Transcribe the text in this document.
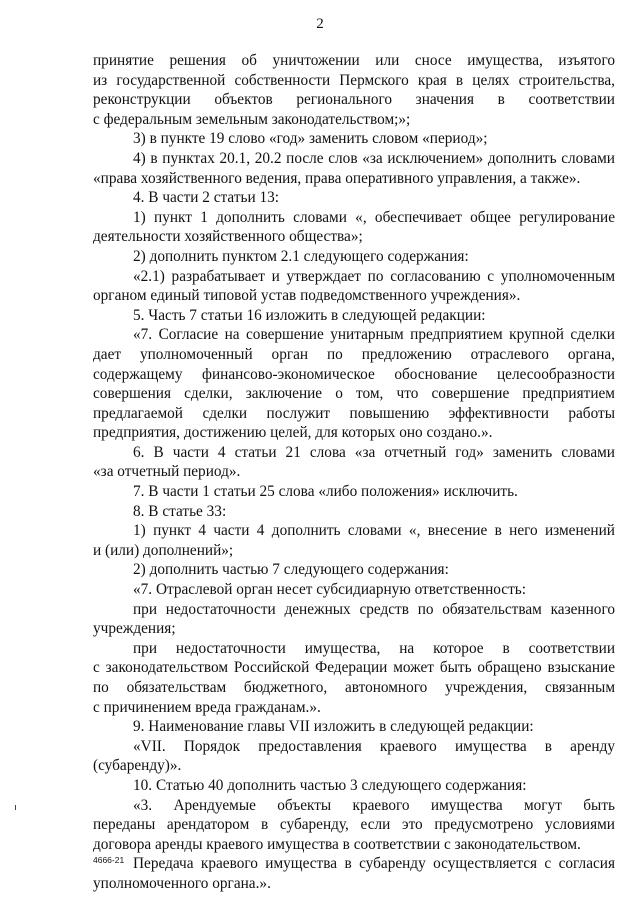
2
принятие решения об уничтожении или сносе имущества, изъятого
из государственной собственности Пермского края в целях строительства,
реконструкции объектов регионального значения в соответствии
с федеральным земельным законодательством;»;
3) в пункте 19 слово «год» заменить словом «период»;
4) в пунктах 20.1, 20.2 после слов «за исключением» дополнить словами
«права хозяйственного ведения, права оперативного управления, а также».
4. В части 2 статьи 13:
1) пункт 1 дополнить словами «, обеспечивает общее регулирование
деятельности хозяйственного общества»;
2) дополнить пунктом 2.1 следующего содержания:
«2.1) разрабатывает и утверждает по согласованию с уполномоченным
органом единый типовой устав подведомственного учреждения».
5. Часть 7 статьи 16 изложить в следующей редакции:
«7. Согласие на совершение унитарным предприятием крупной сделки
дает уполномоченный орган по предложению отраслевого органа,
содержащему финансово-экономическое обоснование целесообразности
совершения сделки, заключение о том, что совершение предприятием
предлагаемой сделки послужит повышению эффективности работы
предприятия, достижению целей, для которых оно создано.».
6. В части 4 статьи 21 слова «за отчетный год» заменить словами
«за отчетный период».
7. В части 1 статьи 25 слова «либо положения» исключить.
8. В статье 33:
1) пункт 4 части 4 дополнить словами «, внесение в него изменений
и (или) дополнений»;
2) дополнить частью 7 следующего содержания:
«7. Отраслевой орган несет субсидиарную ответственность:
при недостаточности денежных средств по обязательствам казенного
учреждения;
при недостаточности имущества, на которое в соответствии
с законодательством Российской Федерации может быть обращено взыскание
по обязательствам бюджетного, автономного учреждения, связанным
с причинением вреда гражданам.».
9. Наименование главы VII изложить в следующей редакции:
«VII. Порядок предоставления краевого имущества в аренду
(субаренду)».
10. Статью 40 дополнить частью 3 следующего содержания:
«3. Арендуемые объекты краевого имущества могут быть
переданы арендатором в субаренду, если это предусмотрено условиями
договора аренды краевого имущества в соответствии с законодательством.
Передача краевого имущества в субаренду осуществляется с согласия
уполномоченного органа.».
4666-21
